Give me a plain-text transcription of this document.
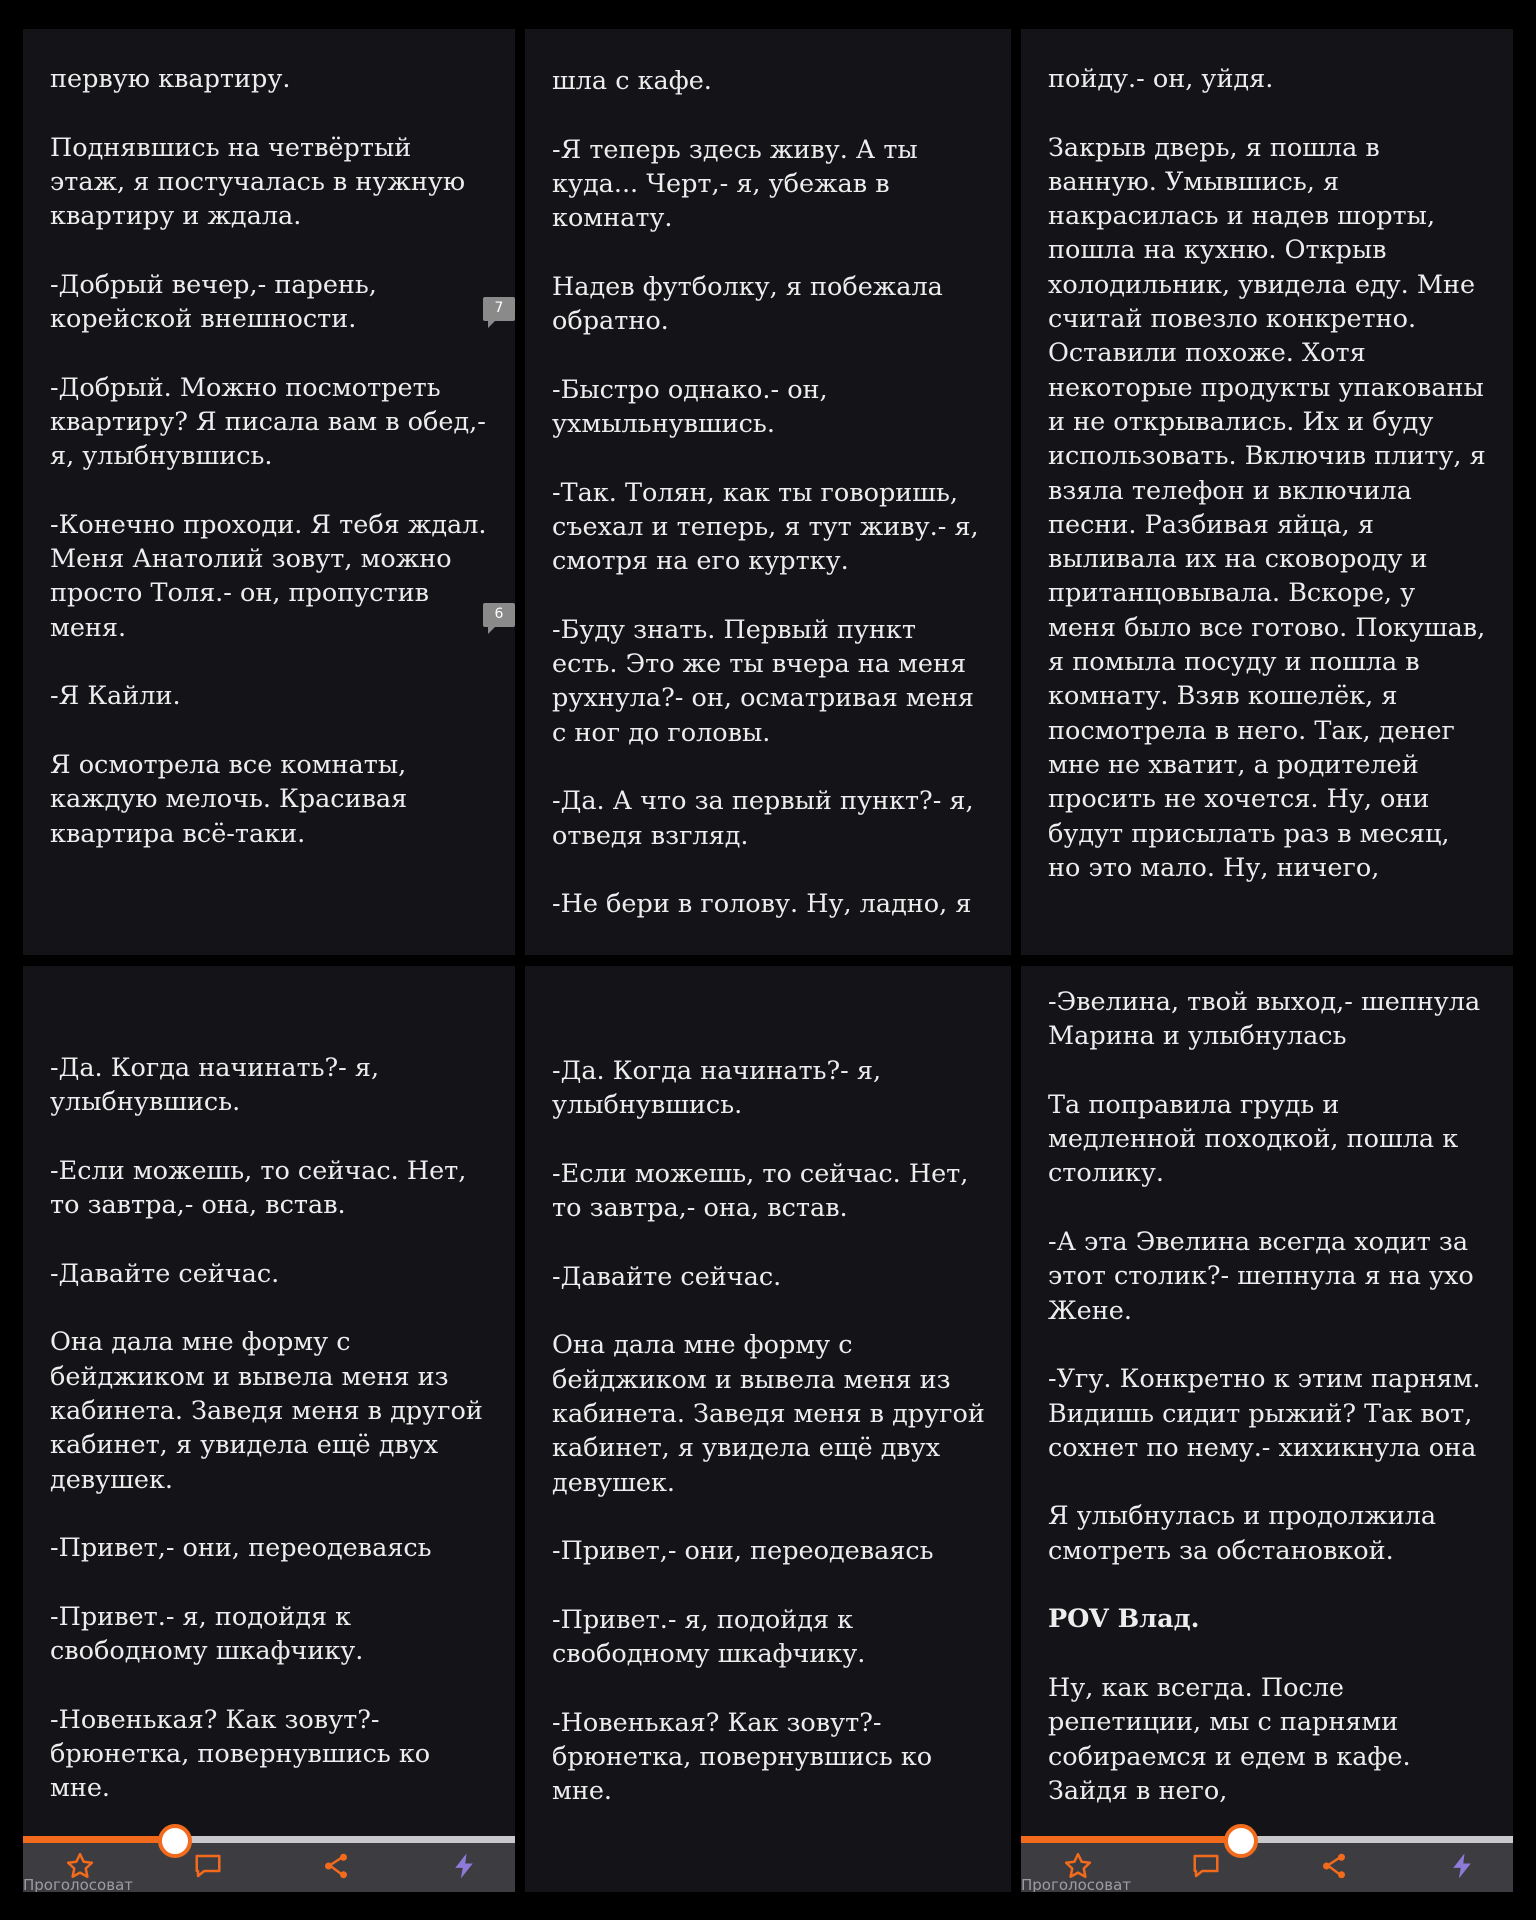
7
6

первую квартиру.

Поднявшись на четвёртый этаж, я постучалась в нужную квартиру и ждала.

-Добрый вечер,- парень, корейской внешности.

-Добрый. Можно посмотреть квартиру? Я писала вам в обед,- я, улыбнувшись.

-Конечно проходи. Я тебя ждал. Меня Анатолий зовут, можно просто Толя.- он, пропустив меня.

-Я Кайли.

Я осмотрела все комнаты, каждую мелочь. Красивая квартира всё-таки.

шла с кафе.

-Я теперь здесь живу. А ты куда... Черт,- я, убежав в комнату.

Надев футболку, я побежала обратно.

-Быстро однако.- он, ухмыльнувшись.

-Так. Толян, как ты говоришь, съехал и теперь, я тут живу.- я, смотря на его куртку.

-Буду знать. Первый пункт есть. Это же ты вчера на меня рухнула?- он, осматривая меня с ног до головы.

-Да. А что за первый пункт?- я, отведя взгляд.

-Не бери в голову. Ну, ладно, я

пойду.- он, уйдя.

Закрыв дверь, я пошла в ванную. Умывшись, я накрасилась и надев шорты, пошла на кухню. Открыв холодильник, увидела еду. Мне считай повезло конкретно. Оставили похоже. Хотя некоторые продукты упакованы и не открывались. Их и буду использовать. Включив плиту, я взяла телефон и включила песни. Разбивая яйца, я выливала их на сковороду и пританцовывала. Вскоре, у меня было все готово. Покушав, я помыла посуду и пошла в комнату. Взяв кошелёк, я посмотрела в него. Так, денег мне не хватит, а родителей просить не хочется. Ну, они будут присылать раз в месяц, но это мало. Ну, ничего,

-Да. Когда начинать?- я, улыбнувшись.

-Если можешь, то сейчас. Нет, то завтра,- она, встав.

-Давайте сейчас.

Она дала мне форму с бейджиком и вывела меня из кабинета. Заведя меня в другой кабинет, я увидела ещё двух девушек.

-Привет,- они, переодеваясь

-Привет.- я, подойдя к свободному шкафчику.

-Новенькая? Как зовут?- брюнетка, повернувшись ко мне.

Проголосоват

-Да. Когда начинать?- я, улыбнувшись.

-Если можешь, то сейчас. Нет, то завтра,- она, встав.

-Давайте сейчас.

Она дала мне форму с бейджиком и вывела меня из кабинета. Заведя меня в другой кабинет, я увидела ещё двух девушек.

-Привет,- они, переодеваясь

-Привет.- я, подойдя к свободному шкафчику.

-Новенькая? Как зовут?- брюнетка, повернувшись ко мне.

-Эвелина, твой выход,- шепнула Марина и улыбнулась

Та поправила грудь и медленной походкой, пошла к столику.

-А эта Эвелина всегда ходит за этот столик?- шепнула я на ухо Жене.

-Угу. Конкретно к этим парням. Видишь сидит рыжий? Так вот, сохнет по нему.- хихикнула она

Я улыбнулась и продолжила смотреть за обстановкой.

POV Влад.

Ну, как всегда. После репетиции, мы с парнями собираемся и едем в кафе. Зайдя в него,

Проголосоват
